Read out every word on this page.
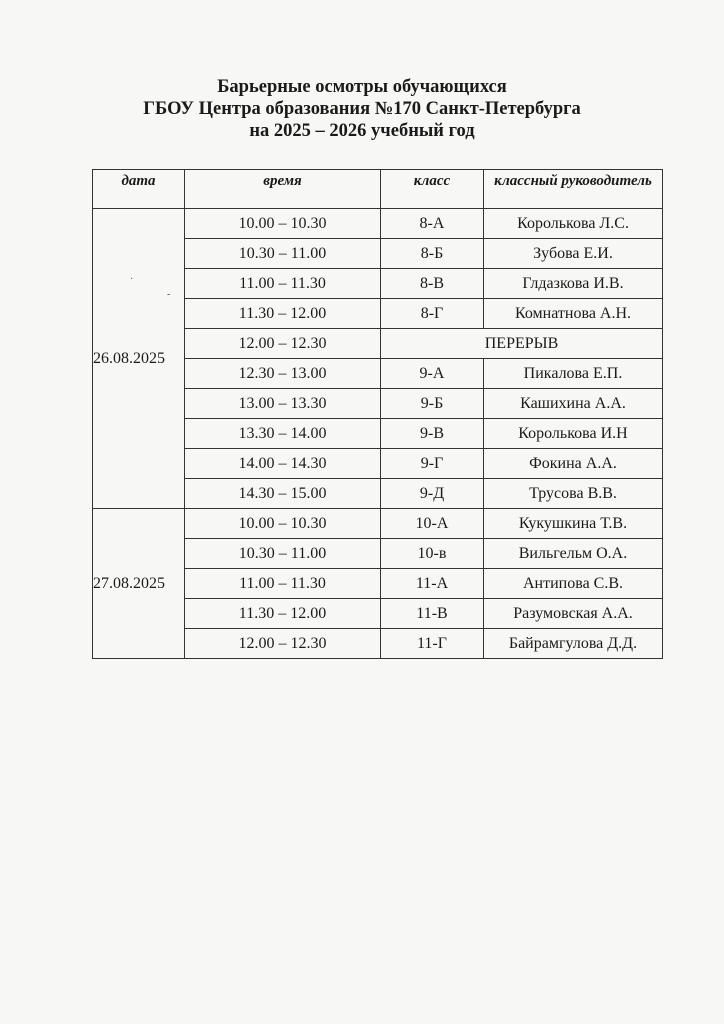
Барьерные осмотры обучающихся
ГБОУ Центра образования №170 Санкт-Петербурга
на 2025 – 2026 учебный год
дата	время	класс	классный руководитель
26.08.2025	10.00 – 10.30	8-А	Королькова Л.С.
	10.30 – 11.00	8-Б	Зубова Е.И.
	11.00 – 11.30	8-В	Глдазкова И.В.
	11.30 – 12.00	8-Г	Комнатнова А.Н.
	12.00 – 12.30	ПЕРЕРЫВ	
	12.30 – 13.00	9-А	Пикалова Е.П.
	13.00 – 13.30	9-Б	Кашихина А.А.
	13.30 – 14.00	9-В	Королькова И.Н
	14.00 – 14.30	9-Г	Фокина А.А.
	14.30 – 15.00	9-Д	Трусова В.В.
27.08.2025	10.00 – 10.30	10-А	Кукушкина Т.В.
	10.30 – 11.00	10-в	Вильгельм О.А.
	11.00 – 11.30	11-А	Антипова С.В.
	11.30 – 12.00	11-В	Разумовская А.А.
	12.00 – 12.30	11-Г	Байрамгулова Д.Д.
·
-
